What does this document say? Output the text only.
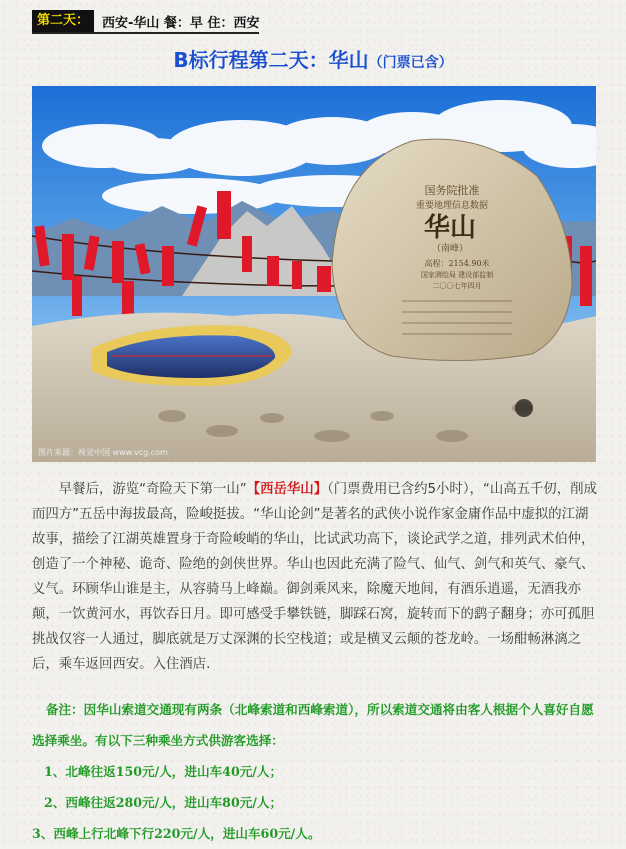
第二天：	西安-华山 餐：早 住：西安
B标行程第二天：华山（门票已含）
国务院批准
重要地理信息数据
华山
（南峰）
高程：2154.90米
国家测绘局 建设部监制
二〇〇七年四月
图片来源：视觉中国 www.vcg.com

早餐后，游览“奇险天下第一山”【西岳华山】（门票费用已含约5小时），“山高五千仞，削成而四方”五岳中海拔最高，险峻挺拔。“华山论剑”是著名的武侠小说作家金庸作品中虚拟的江湖故事，描绘了江湖英雄置身于奇险峻峭的华山，比试武功高下，谈论武学之道，排列武术伯仲，创造了一个神秘、诡奇、险绝的剑侠世界。华山也因此充满了险气、仙气、剑气和英气、豪气、义气。环顾华山谁是主，从容骑马上峰巅。御剑乘风来，除魔天地间，有酒乐逍遥，无酒我亦颠，一饮黄河水，再饮吞日月。即可感受手攀铁链，脚踩石窝，旋转而下的鹞子翻身；亦可孤胆挑战仅容一人通过，脚底就是万丈深渊的长空栈道；或是横叉云颠的苍龙岭。一场酣畅淋漓之后，乘车返回西安。入住酒店.

备注：因华山索道交通现有两条（北峰索道和西峰索道），所以索道交通将由客人根据个人喜好自愿选择乘坐。有以下三种乘坐方式供游客选择：

1、北峰往返150元/人，进山车40元/人；

2、西峰往返280元/人，进山车80元/人；

3、西峰上行北峰下行220元/人，进山车60元/人。
